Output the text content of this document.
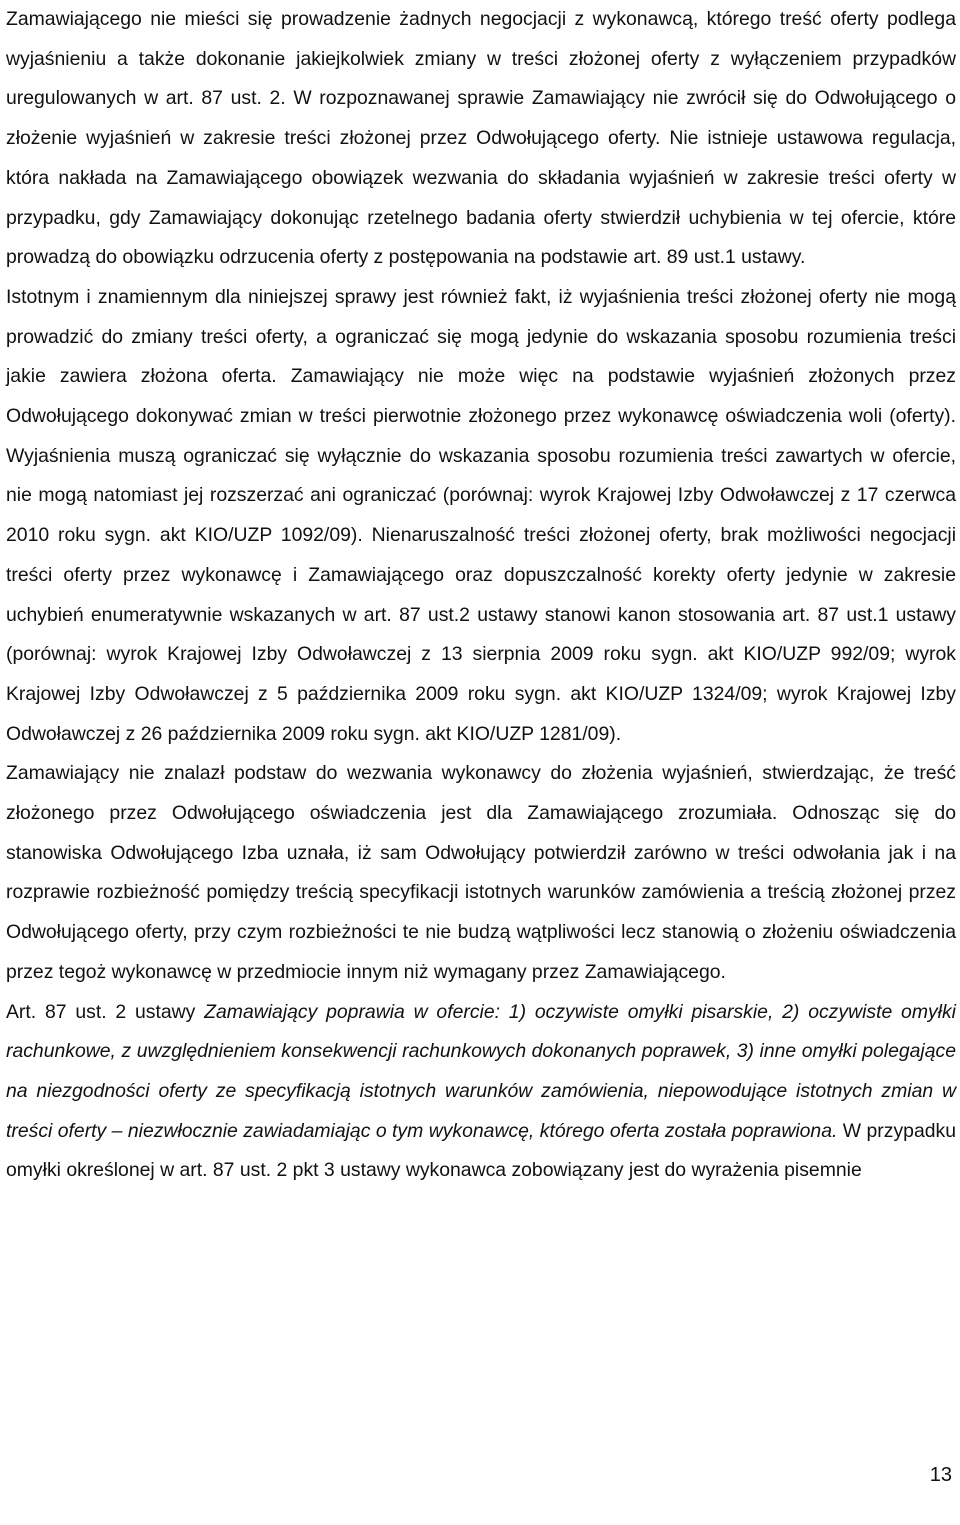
Zamawiającego nie mieści się prowadzenie żadnych negocjacji z wykonawcą, którego treść oferty podlega wyjaśnieniu a także dokonanie jakiejkolwiek zmiany w treści złożonej oferty z wyłączeniem przypadków uregulowanych w art. 87 ust. 2. W rozpoznawanej sprawie Zamawiający nie zwrócił się do Odwołującego o złożenie wyjaśnień w zakresie treści złożonej przez Odwołującego oferty. Nie istnieje ustawowa regulacja, która nakłada na Zamawiającego obowiązek wezwania do składania wyjaśnień w zakresie treści oferty w przypadku, gdy Zamawiający dokonując rzetelnego badania oferty stwierdził uchybienia w tej ofercie, które prowadzą do obowiązku odrzucenia oferty z postępowania na podstawie art. 89 ust.1 ustawy.

Istotnym i znamiennym dla niniejszej sprawy jest również fakt, iż wyjaśnienia treści złożonej oferty nie mogą prowadzić do zmiany treści oferty, a ograniczać się mogą jedynie do wskazania sposobu rozumienia treści jakie zawiera złożona oferta. Zamawiający nie może więc na podstawie wyjaśnień złożonych przez Odwołującego dokonywać zmian w treści pierwotnie złożonego przez wykonawcę oświadczenia woli (oferty). Wyjaśnienia muszą ograniczać się wyłącznie do wskazania sposobu rozumienia treści zawartych w ofercie, nie mogą natomiast jej rozszerzać ani ograniczać (porównaj: wyrok Krajowej Izby Odwoławczej z 17 czerwca 2010 roku sygn. akt KIO/UZP 1092/09). Nienaruszalność treści złożonej oferty, brak możliwości negocjacji treści oferty przez wykonawcę i Zamawiającego oraz dopuszczalność korekty oferty jedynie w zakresie uchybień enumeratywnie wskazanych w art. 87 ust.2 ustawy stanowi kanon stosowania art. 87 ust.1 ustawy (porównaj: wyrok Krajowej Izby Odwoławczej z 13 sierpnia 2009 roku sygn. akt KIO/UZP 992/09; wyrok Krajowej Izby Odwoławczej z 5 października 2009 roku sygn. akt KIO/UZP 1324/09; wyrok Krajowej Izby Odwoławczej z 26 października 2009 roku sygn. akt KIO/UZP 1281/09).

Zamawiający nie znalazł podstaw do wezwania wykonawcy do złożenia wyjaśnień, stwierdzając, że treść złożonego przez Odwołującego oświadczenia jest dla Zamawiającego zrozumiała. Odnosząc się do stanowiska Odwołującego Izba uznała, iż sam Odwołujący potwierdził zarówno w treści odwołania jak i na rozprawie rozbieżność pomiędzy treścią specyfikacji istotnych warunków zamówienia a treścią złożonej przez Odwołującego oferty, przy czym rozbieżności te nie budzą wątpliwości lecz stanowią o złożeniu oświadczenia przez tegoż wykonawcę w przedmiocie innym niż wymagany przez Zamawiającego.

Art. 87 ust. 2 ustawy Zamawiający poprawia w ofercie: 1) oczywiste omyłki pisarskie, 2) oczywiste omyłki rachunkowe, z uwzględnieniem konsekwencji rachunkowych dokonanych poprawek, 3) inne omyłki polegające na niezgodności oferty ze specyfikacją istotnych warunków zamówienia, niepowodujące istotnych zmian w treści oferty – niezwłocznie zawiadamiając o tym wykonawcę, którego oferta została poprawiona. W przypadku omyłki określonej w art. 87 ust. 2 pkt 3 ustawy wykonawca zobowiązany jest do wyrażenia pisemnie

13
